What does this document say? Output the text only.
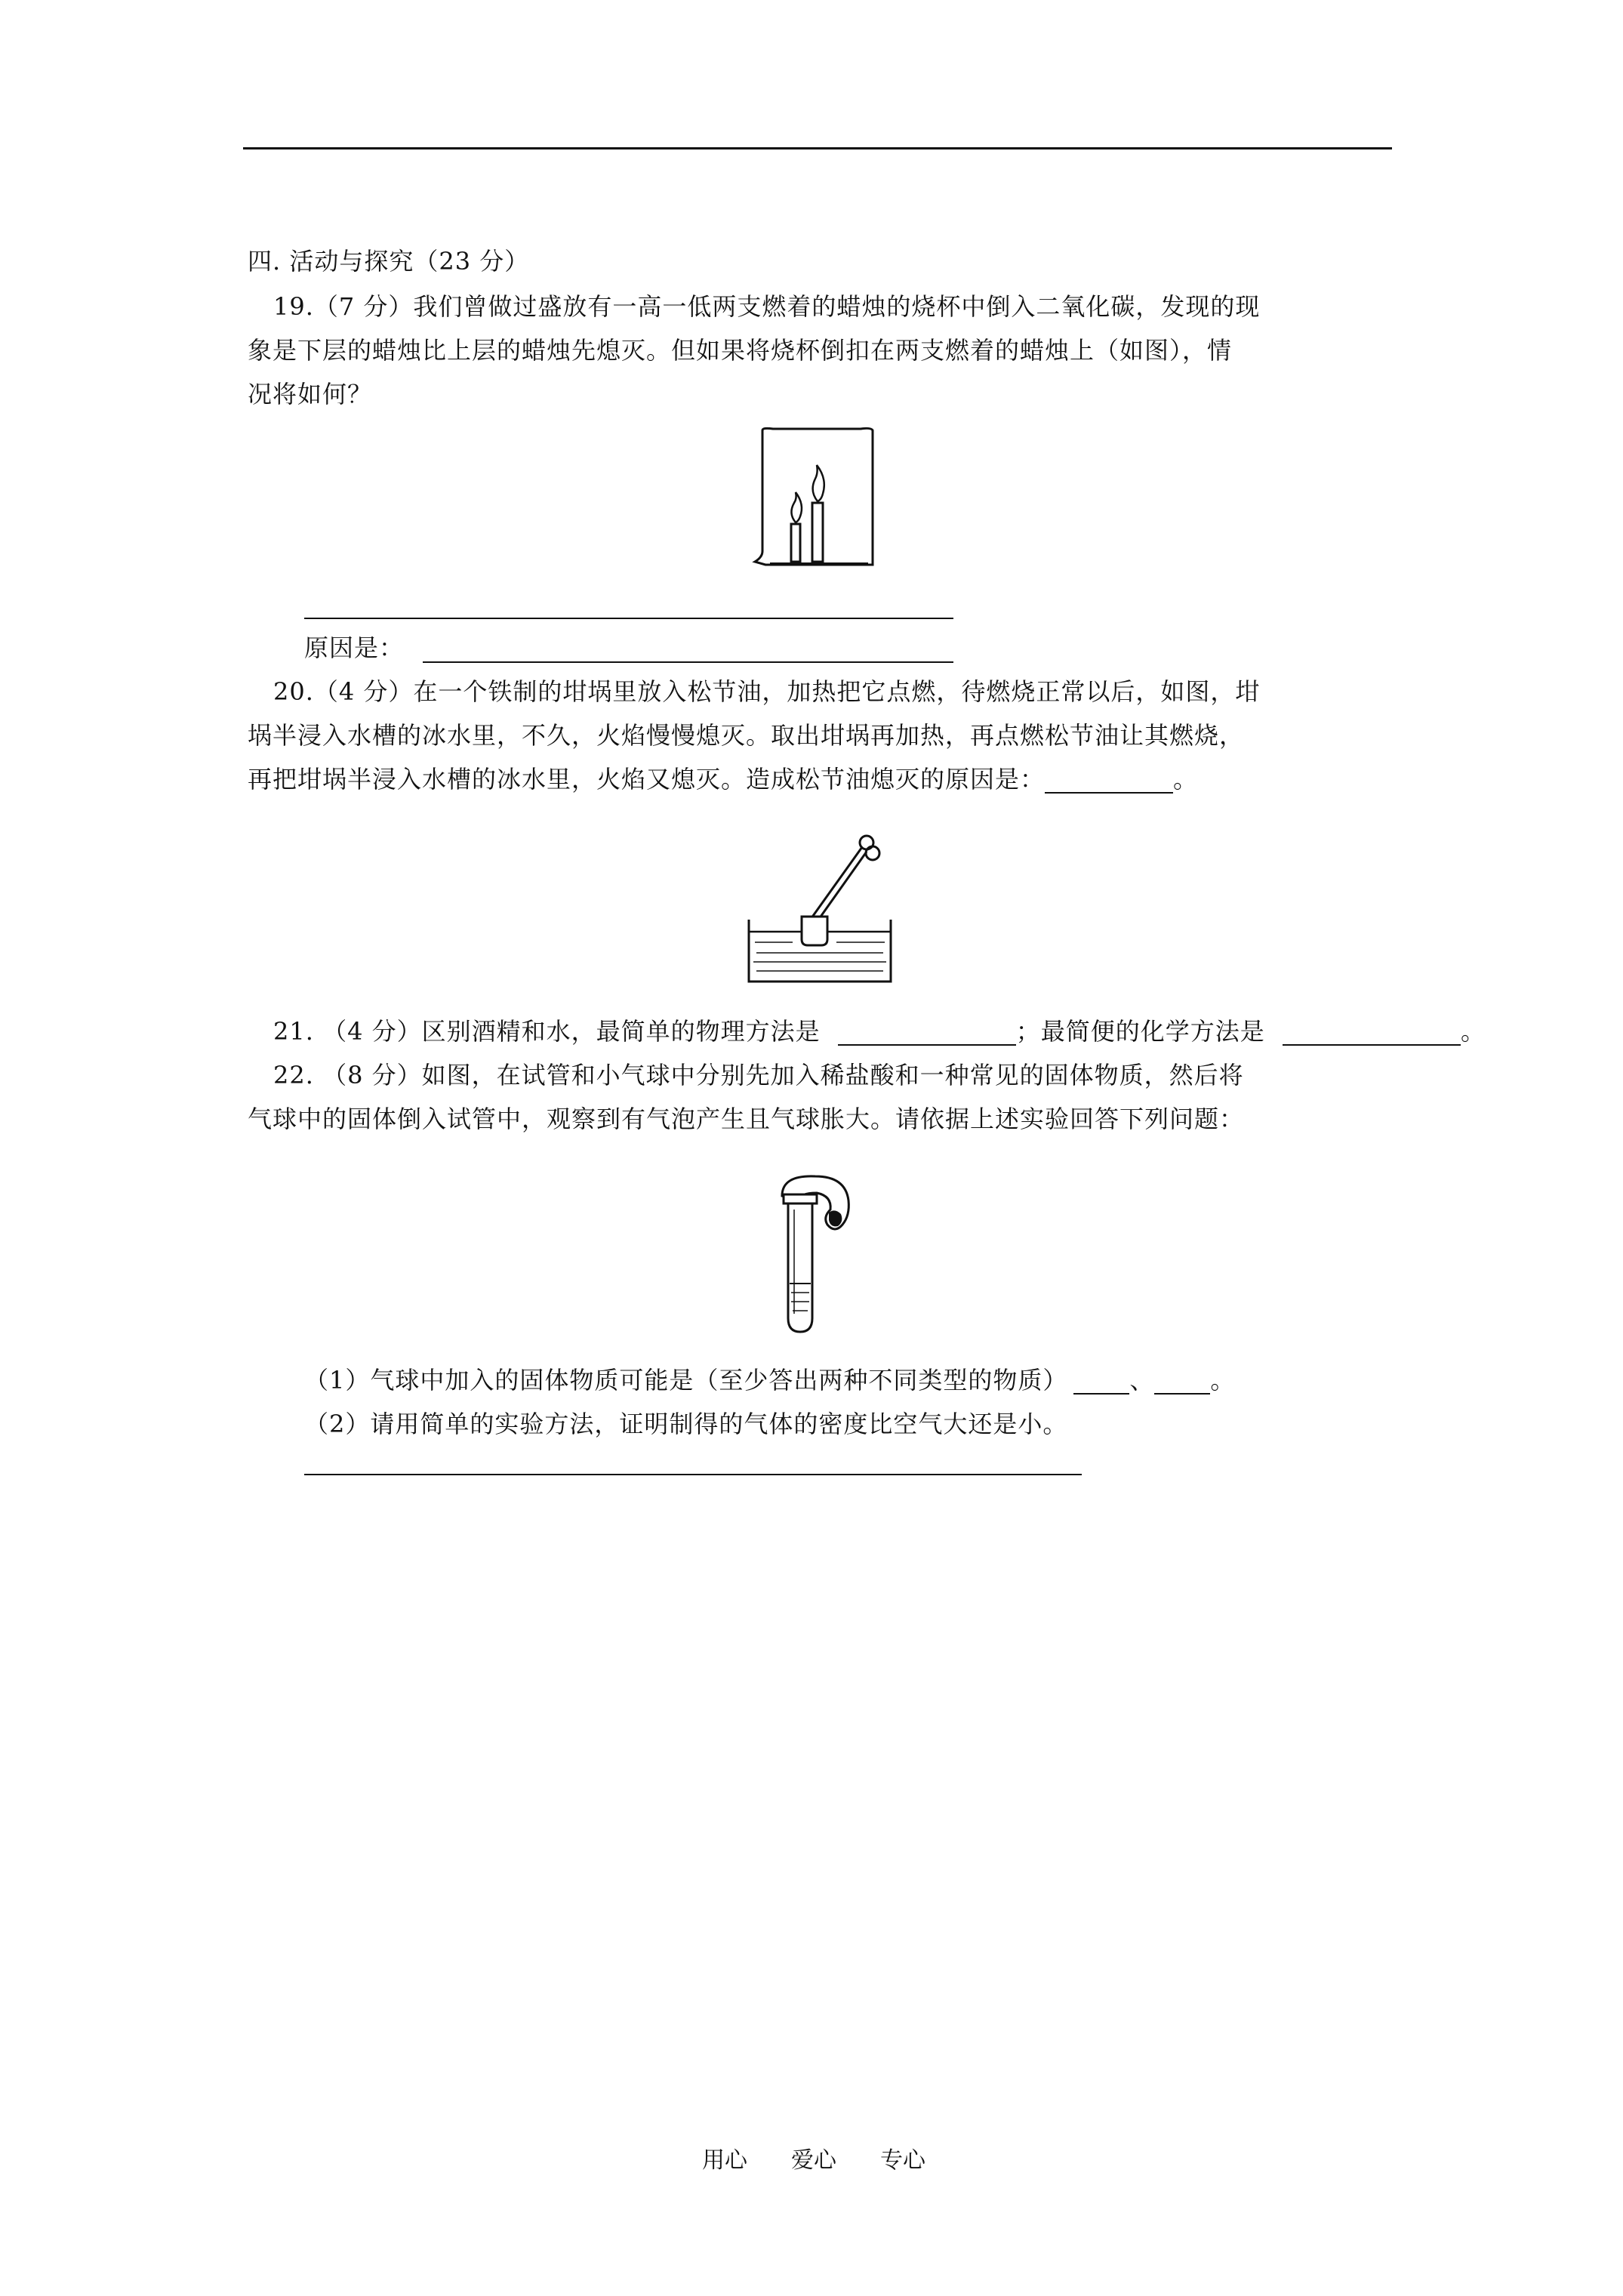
四. 活动与探究（23 分）
19.（7 分）我们曾做过盛放有一高一低两支燃着的蜡烛的烧杯中倒入二氧化碳，发现的现
象是下层的蜡烛比上层的蜡烛先熄灭。但如果将烧杯倒扣在两支燃着的蜡烛上（如图），情
况将如何？
原因是：
20.（4 分）在一个铁制的坩埚里放入松节油，加热把它点燃，待燃烧正常以后，如图，坩
埚半浸入水槽的冰水里，不久，火焰慢慢熄灭。取出坩埚再加热，再点燃松节油让其燃烧，
再把坩埚半浸入水槽的冰水里，火焰又熄灭。造成松节油熄灭的原因是：	。
21. （4 分）区别酒精和水，最简单的物理方法是	；最简便的化学方法是	。
22. （8 分）如图，在试管和小气球中分别先加入稀盐酸和一种常见的固体物质，然后将
气球中的固体倒入试管中，观察到有气泡产生且气球胀大。请依据上述实验回答下列问题：
（1）气球中加入的固体物质可能是（至少答出两种不同类型的物质）	、 。
（2）请用简单的实验方法，证明制得的气体的密度比空气大还是小。
用心 爱心 专心
